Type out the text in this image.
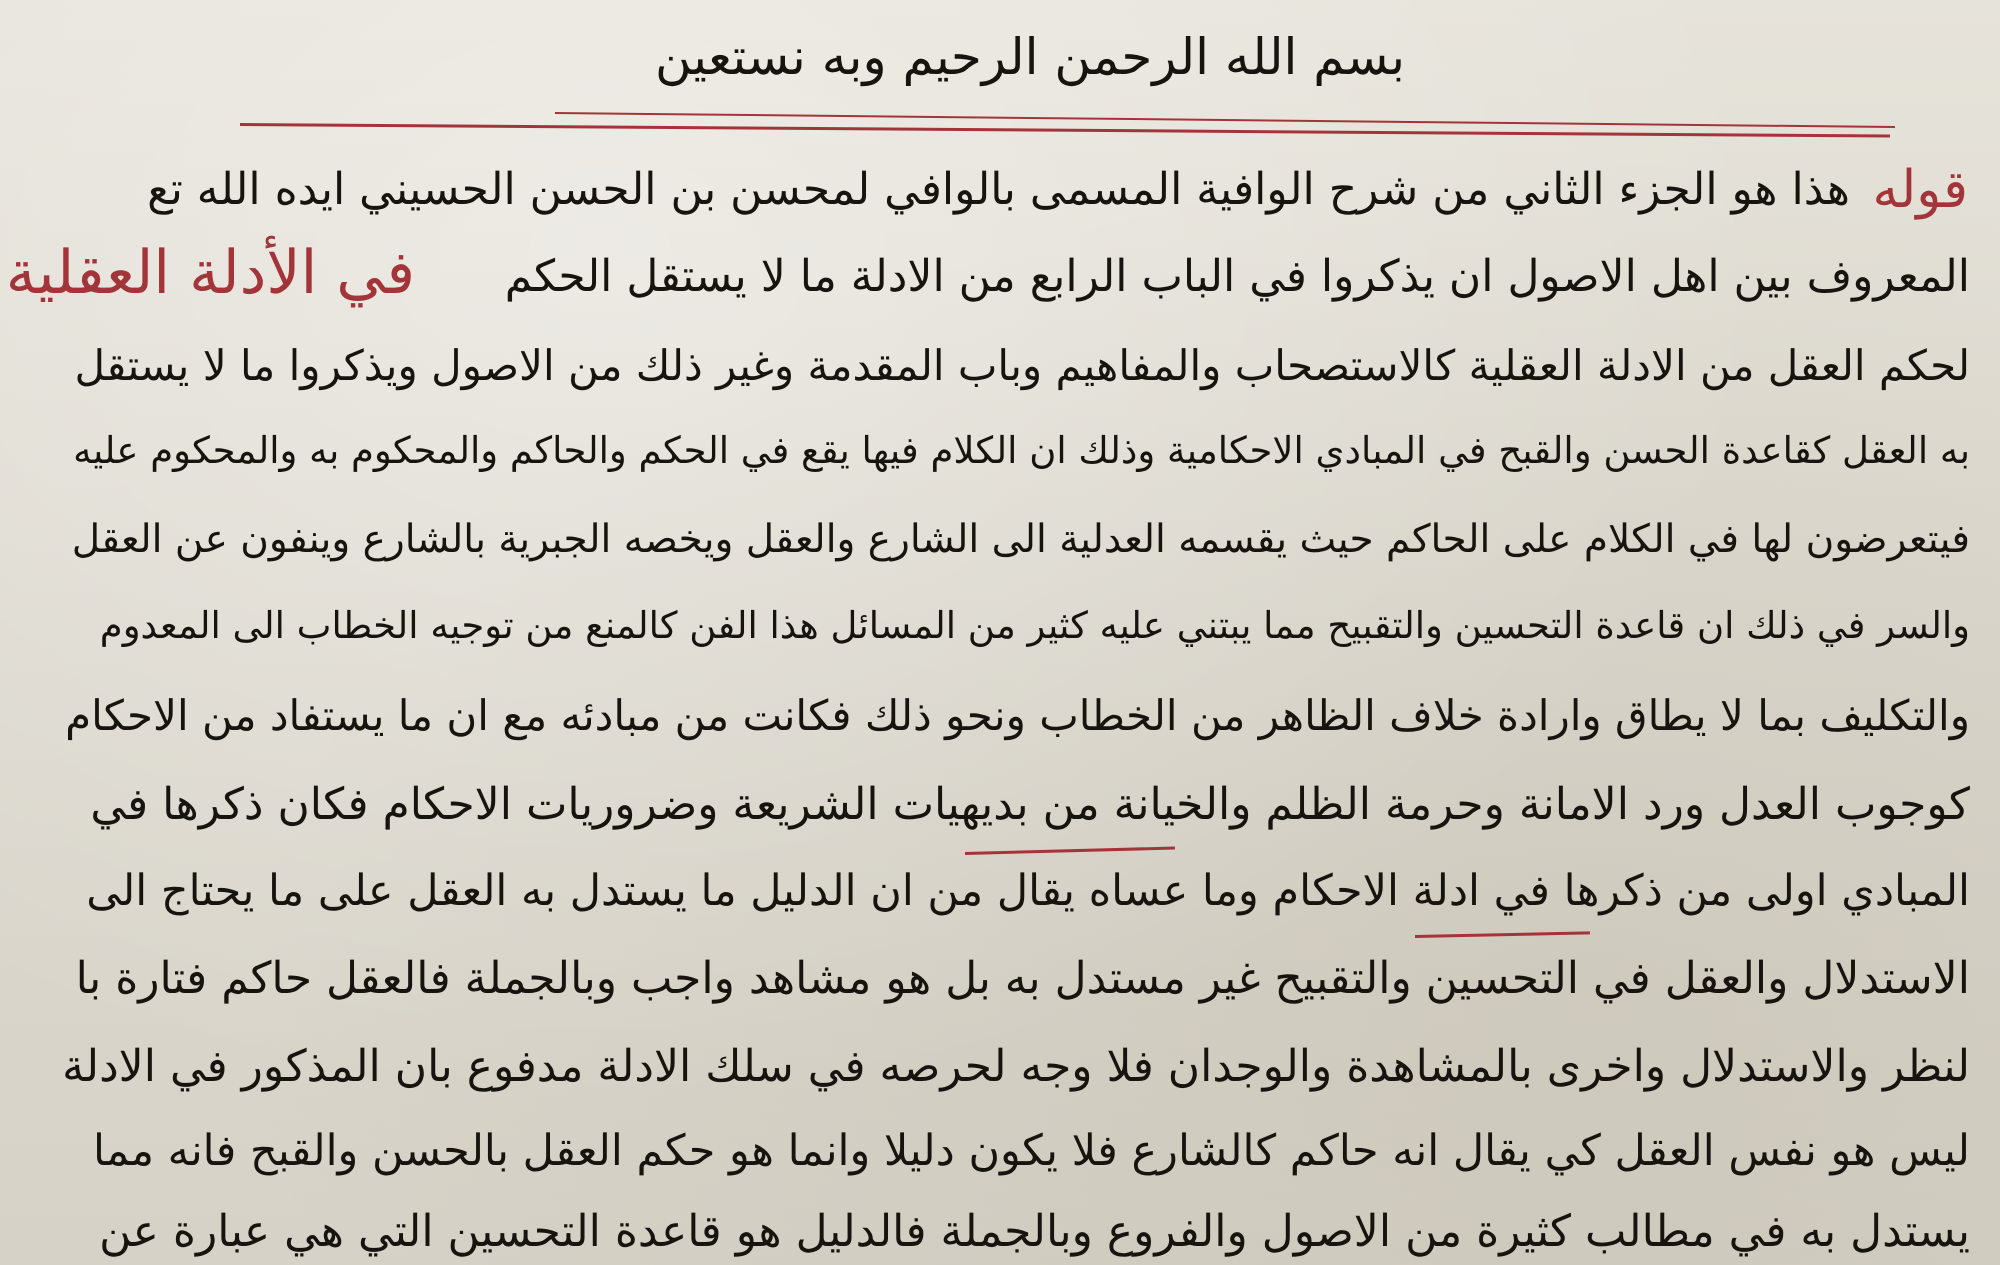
بسم الله الرحمن الرحيم وبه نستعين
قوله
في الأدلة العقلية
هذا هو الجزء الثاني من شرح الوافية المسمى بالوافي لمحسن بن الحسن الحسيني ايده الله تع
المعروف بين اهل الاصول ان يذكروا في الباب الرابع من الادلة ما لا يستقل الحكم
لحكم العقل من الادلة العقلية كالاستصحاب والمفاهيم وباب المقدمة وغير ذلك من الاصول ويذكروا ما لا يستقل
به العقل كقاعدة الحسن والقبح في المبادي الاحكامية وذلك ان الكلام فيها يقع في الحكم والحاكم والمحكوم به والمحكوم عليه
فيتعرضون لها في الكلام على الحاكم حيث يقسمه العدلية الى الشارع والعقل ويخصه الجبرية بالشارع وينفون عن العقل
والسر في ذلك ان قاعدة التحسين والتقبيح مما يبتني عليه كثير من المسائل هذا الفن كالمنع من توجيه الخطاب الى المعدوم
والتكليف بما لا يطاق وارادة خلاف الظاهر من الخطاب ونحو ذلك فكانت من مبادئه مع ان ما يستفاد من الاحكام
كوجوب العدل ورد الامانة وحرمة الظلم والخيانة من بديهيات الشريعة وضروريات الاحكام فكان ذكرها في
المبادي اولى من ذكرها في ادلة الاحكام وما عساه يقال من ان الدليل ما يستدل به العقل على ما يحتاج الى
الاستدلال والعقل في التحسين والتقبيح غير مستدل به بل هو مشاهد واجب وبالجملة فالعقل حاكم فتارة با
لنظر والاستدلال واخرى بالمشاهدة والوجدان فلا وجه لحرصه في سلك الادلة مدفوع بان المذكور في الادلة
ليس هو نفس العقل كي يقال انه حاكم كالشارع فلا يكون دليلا وانما هو حكم العقل بالحسن والقبح فانه مما
يستدل به في مطالب كثيرة من الاصول والفروع وبالجملة فالدليل هو قاعدة التحسين التي هي عبارة عن
